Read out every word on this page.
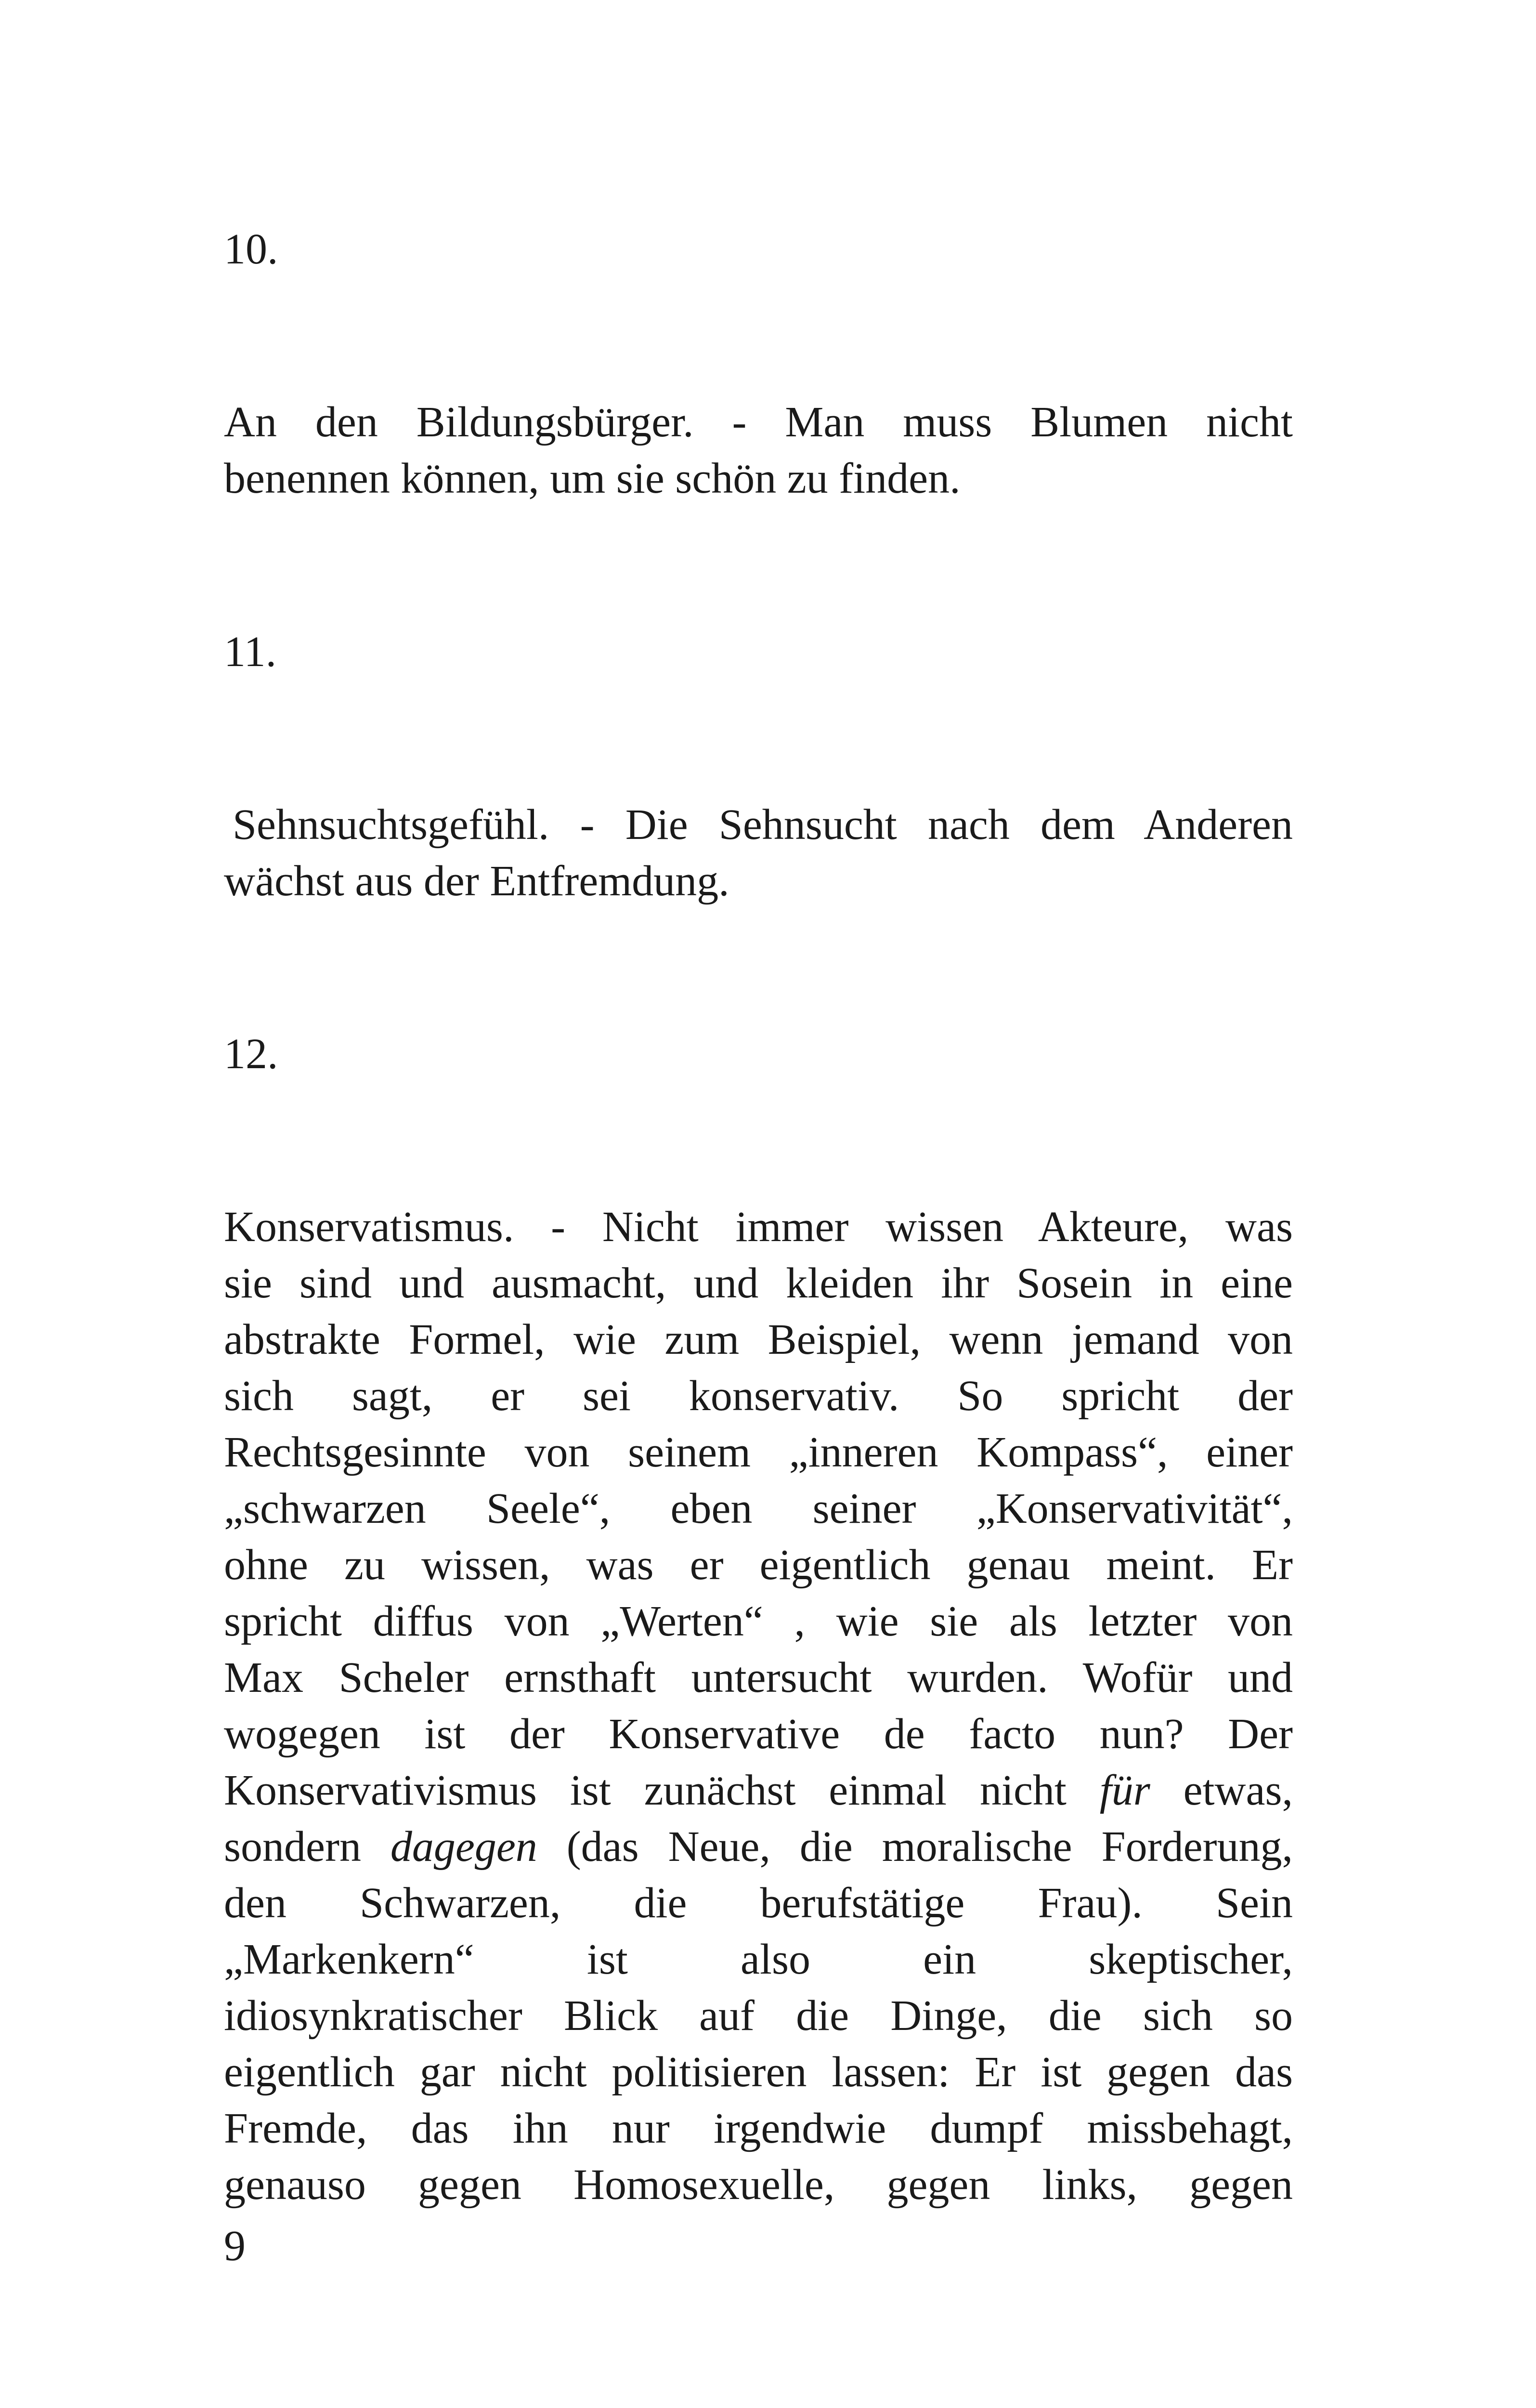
10.

An den Bildungsbürger. - Man muss Blumen nicht
benennen können, um sie schön zu finden.

11.

Sehnsuchtsgefühl. - Die Sehnsucht nach dem Anderen
wächst aus der Entfremdung.

12.

Konservatismus. - Nicht immer wissen Akteure, was
sie sind und ausmacht, und kleiden ihr Sosein in eine
abstrakte Formel, wie zum Beispiel, wenn jemand von
sich sagt, er sei konservativ. So spricht der
Rechtsgesinnte von seinem „inneren Kompass“, einer
„schwarzen Seele“, eben seiner „Konservativität“,
ohne zu wissen, was er eigentlich genau meint. Er
spricht diffus von „Werten“ , wie sie als letzter von
Max Scheler ernsthaft untersucht wurden. Wofür und
wogegen ist der Konservative de facto nun? Der
Konservativismus ist zunächst einmal nicht für etwas,
sondern dagegen (das Neue, die moralische Forderung,
den Schwarzen, die berufstätige Frau). Sein
„Markenkern“ ist also ein skeptischer,
idiosynkratischer Blick auf die Dinge, die sich so
eigentlich gar nicht politisieren lassen: Er ist gegen das
Fremde, das ihn nur irgendwie dumpf missbehagt,
genauso gegen Homosexuelle, gegen links, gegen

9
